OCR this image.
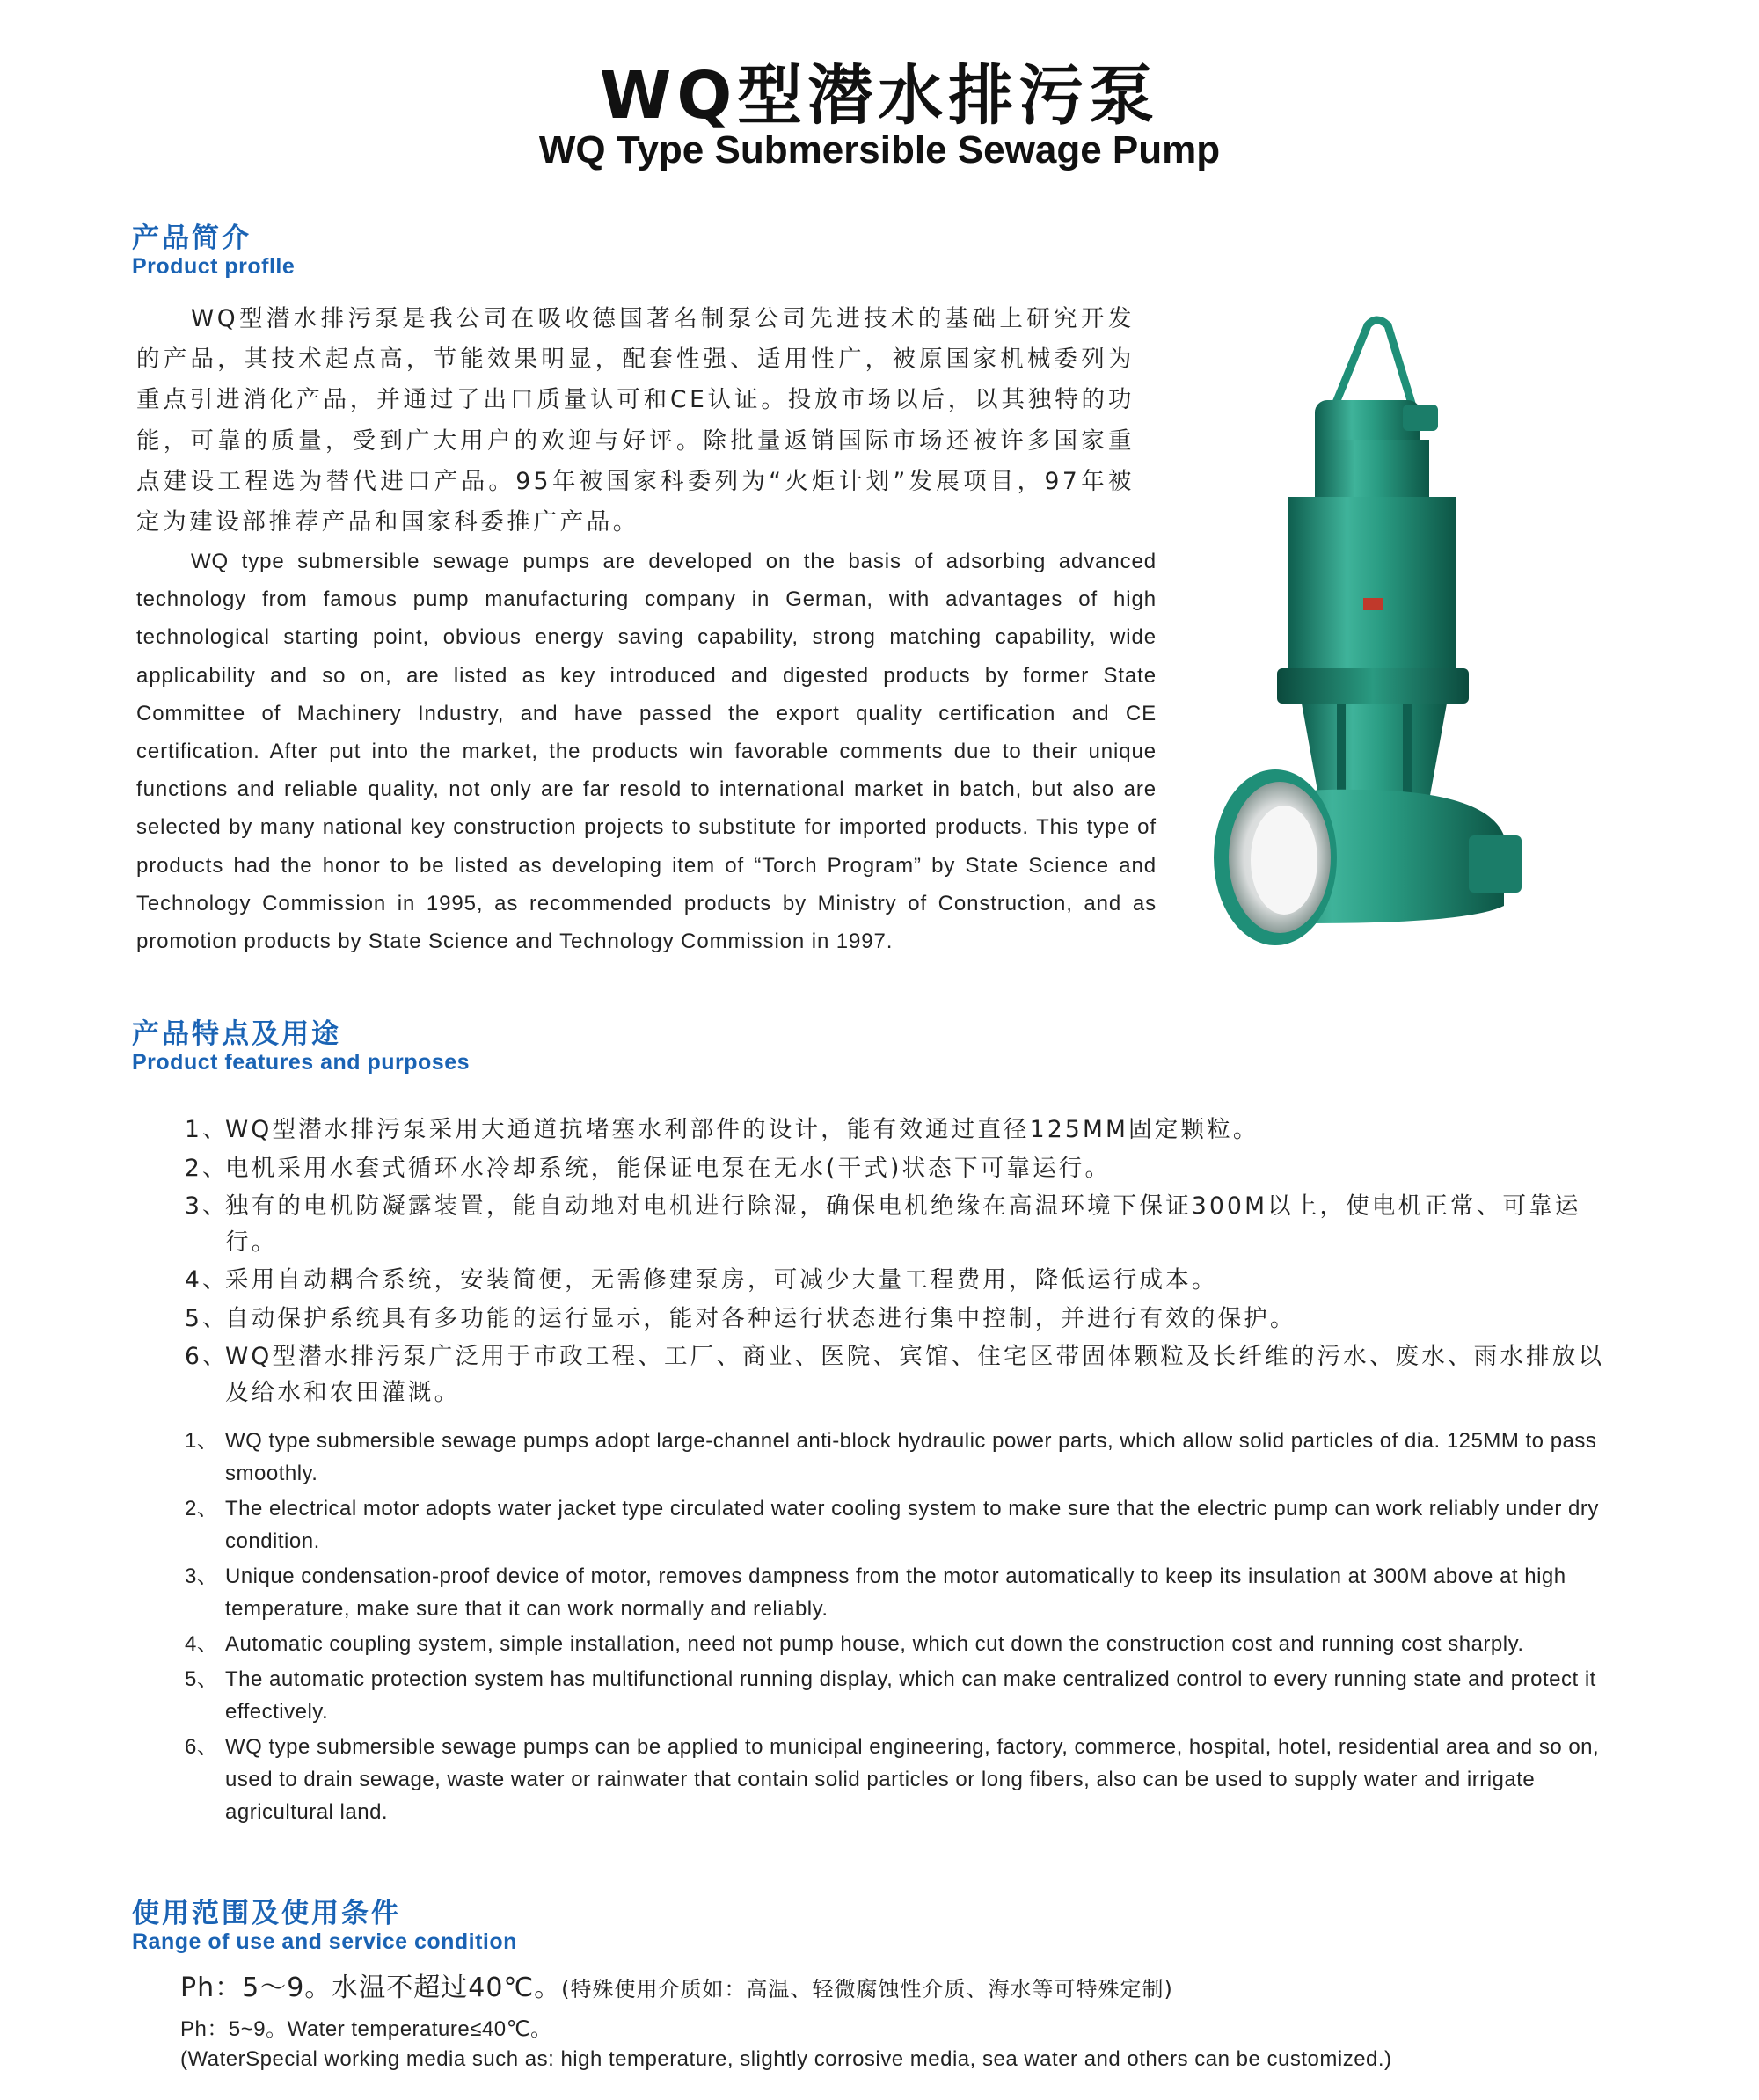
WQ型潜水排污泵
WQ Type Submersible Sewage Pump
产品简介
Product proflle

WQ型潜水排污泵是我公司在吸收德国著名制泵公司先进技术的基础上研究开发的产品，其技术起点高，节能效果明显，配套性强、适用性广，被原国家机械委列为重点引进消化产品，并通过了出口质量认可和CE认证。投放市场以后，以其独特的功能，可靠的质量，受到广大用户的欢迎与好评。除批量返销国际市场还被许多国家重点建设工程选为替代进口产品。95年被国家科委列为“火炬计划”发展项目，97年被定为建设部推荐产品和国家科委推广产品。

WQ type submersible sewage pumps are developed on the basis of adsorbing advanced technology from famous pump manufacturing company in German, with advantages of high technological starting point, obvious energy saving capability, strong matching capability, wide applicability and so on, are listed as key introduced and digested products by former State Committee of Machinery Industry, and have passed the export quality certification and CE certification. After put into the market, the products win favorable comments due to their unique functions and reliable quality, not only are far resold to international market in batch, but also are selected by many national key construction projects to substitute for imported products. This type of products had the honor to be listed as developing item of “Torch Program” by State Science and Technology Commission in 1995, as recommended products by Ministry of Construction, and as promotion products by State Science and Technology Commission in 1997.

产品特点及用途
Product features and purposes
1、
WQ型潜水排污泵采用大通道抗堵塞水利部件的设计，能有效通过直径125MM固定颗粒。
2、
电机采用水套式循环水冷却系统，能保证电泵在无水(干式)状态下可靠运行。
3、
独有的电机防凝露装置，能自动地对电机进行除湿，确保电机绝缘在高温环境下保证300M以上，使电机正常、可靠运行。
4、
采用自动耦合系统，安装简便，无需修建泵房，可减少大量工程费用，降低运行成本。
5、
自动保护系统具有多功能的运行显示，能对各种运行状态进行集中控制，并进行有效的保护。
6、
WQ型潜水排污泵广泛用于市政工程、工厂、商业、医院、宾馆、住宅区带固体颗粒及长纤维的污水、废水、雨水排放以及给水和农田灌溉。
1、 WQ type submersible sewage pumps adopt large-channel anti-block hydraulic power parts, which allow solid particles of dia. 125MM to pass smoothly.
2、 The electrical motor adopts water jacket type circulated water cooling system to make sure that the electric pump can work reliably under dry condition.
3、 Unique condensation-proof device of motor, removes dampness from the motor automatically to keep its insulation at 300M above at high temperature, make sure that it can work normally and reliably.
4、 Automatic coupling system, simple installation, need not pump house, which cut down the construction cost and running cost sharply.
5、 The automatic protection system has multifunctional running display, which can make centralized control to every running state and protect it effectively.
6、 WQ type submersible sewage pumps can be applied to municipal engineering, factory, commerce, hospital, hotel, residential area and so on, used to drain sewage, waste water or rainwater that contain solid particles or long fibers, also can be used to supply water and irrigate agricultural land.
使用范围及使用条件
Range of use and service condition

Ph：5～9。水温不超过40℃。(特殊使用介质如：高温、轻微腐蚀性介质、海水等可特殊定制)

Ph：5~9。Water temperature≤40℃。

(WaterSpecial working media such as: high temperature, slightly corrosive media, sea water and others can be customized.)
